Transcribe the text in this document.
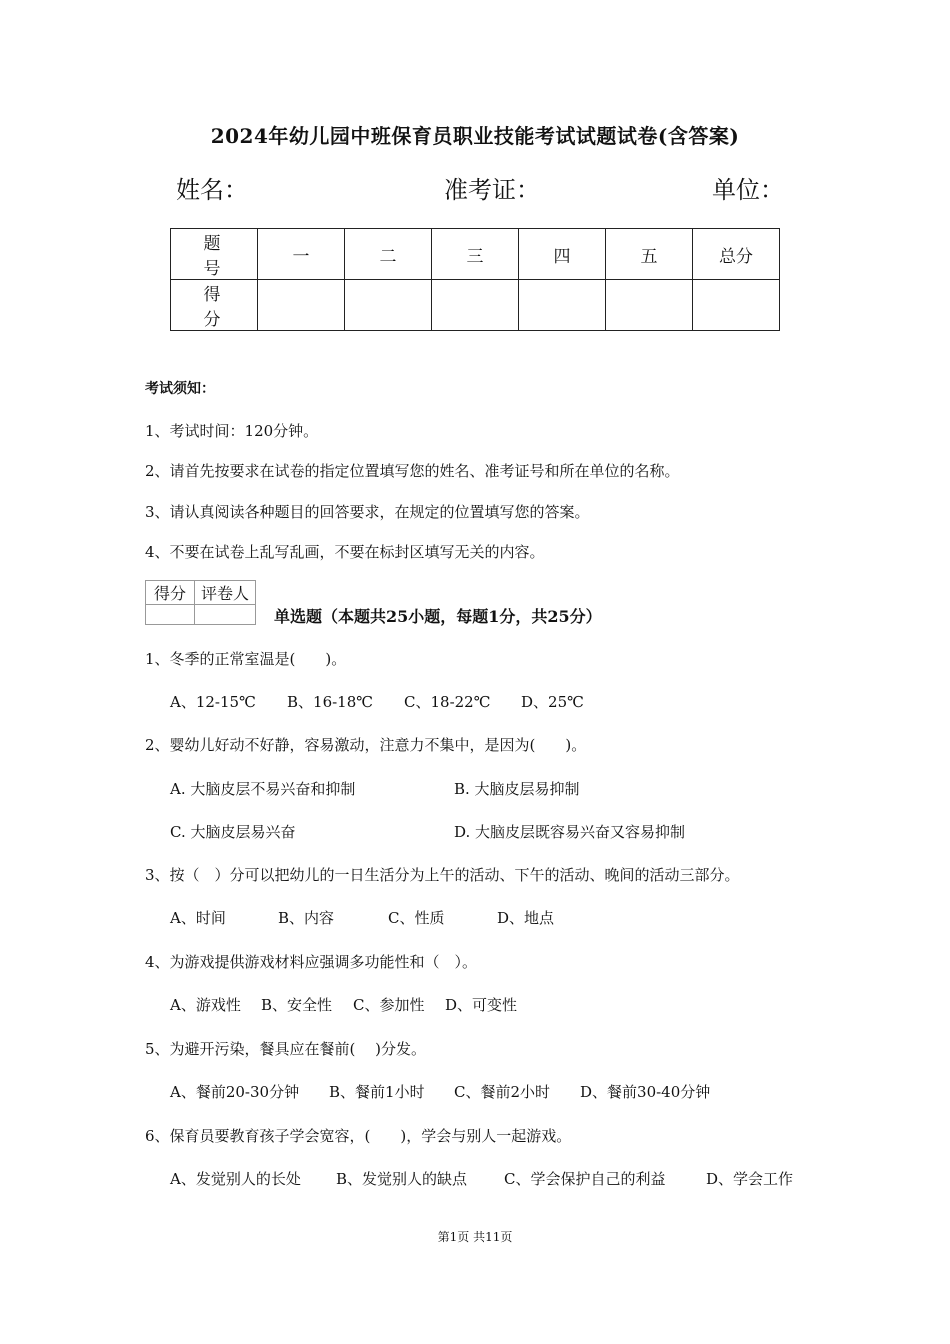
2024年幼儿园中班保育员职业技能考试试题试卷(含答案)
姓名：	准考证：	单位：
题 号	一	二	三	四	五	总分
得 分						
考试须知：
1、考试时间：120分钟。
2、请首先按要求在试卷的指定位置填写您的姓名、准考证号和所在单位的名称。
3、请认真阅读各种题目的回答要求，在规定的位置填写您的答案。
4、不要在试卷上乱写乱画，不要在标封区填写无关的内容。
得分	评卷人

单选题（本题共25小题，每题1分，共25分）
1、冬季的正常室温是(　　)。
A、12-15℃ B、16-18℃ C、18-22℃ D、25℃
2、婴幼儿好动不好静，容易激动，注意力不集中，是因为(　　)。
A. 大脑皮层不易兴奋和抑制	B. 大脑皮层易抑制
C. 大脑皮层易兴奋	D. 大脑皮层既容易兴奋又容易抑制
3、按（　）分可以把幼儿的一日生活分为上午的活动、下午的活动、晚间的活动三部分。
A、时间	B、内容	C、性质	D、地点
4、为游戏提供游戏材料应强调多功能性和（　）。
A、游戏性 B、安全性 C、参加性 D、可变性
5、为避开污染，餐具应在餐前(　 )分发。
A、餐前20-30分钟 B、餐前1小时 C、餐前2小时 D、餐前30-40分钟
6、保育员要教育孩子学会宽容，(　　)，学会与别人一起游戏。
A、发觉别人的长处 B、发觉别人的缺点 C、学会保护自己的利益	D、学会工作
第1页 共11页
